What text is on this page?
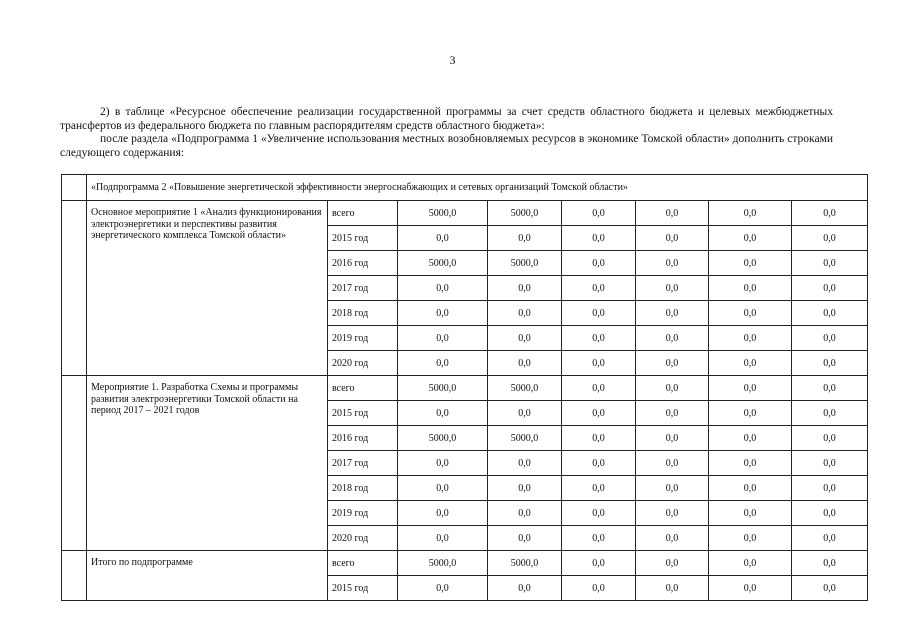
3

2) в таблице «Ресурсное обеспечение реализации государственной программы за счет средств областного бюджета и целевых межбюджетных трансфертов из федерального бюджета по главным распорядителям средств областного бюджета»:

после раздела «Подпрограмма 1 «Увеличение использования местных возобновляемых ресурсов в экономике Томской области» дополнить строками следующего содержания:

	«Подпрограмма 2 «Повышение энергетической эффективности энергоснабжающих и сетевых организаций Томской области»							
	Основное мероприятие 1 «Анализ функционирования электроэнергетики и перспективы развития энергетического комплекса Томской области»	всего	5000,0	5000,0	0,0	0,0	0,0	0,0
		2015 год	0,0	0,0	0,0	0,0	0,0	0,0
		2016 год	5000,0	5000,0	0,0	0,0	0,0	0,0
		2017 год	0,0	0,0	0,0	0,0	0,0	0,0
		2018 год	0,0	0,0	0,0	0,0	0,0	0,0
		2019 год	0,0	0,0	0,0	0,0	0,0	0,0
		2020 год	0,0	0,0	0,0	0,0	0,0	0,0
	Мероприятие 1. Разработка Схемы и программы развития электроэнергетики Томской области на период 2017 – 2021 годов	всего	5000,0	5000,0	0,0	0,0	0,0	0,0
		2015 год	0,0	0,0	0,0	0,0	0,0	0,0
		2016 год	5000,0	5000,0	0,0	0,0	0,0	0,0
		2017 год	0,0	0,0	0,0	0,0	0,0	0,0
		2018 год	0,0	0,0	0,0	0,0	0,0	0,0
		2019 год	0,0	0,0	0,0	0,0	0,0	0,0
		2020 год	0,0	0,0	0,0	0,0	0,0	0,0
	Итого по подпрограмме	всего	5000,0	5000,0	0,0	0,0	0,0	0,0
		2015 год	0,0	0,0	0,0	0,0	0,0	0,0
